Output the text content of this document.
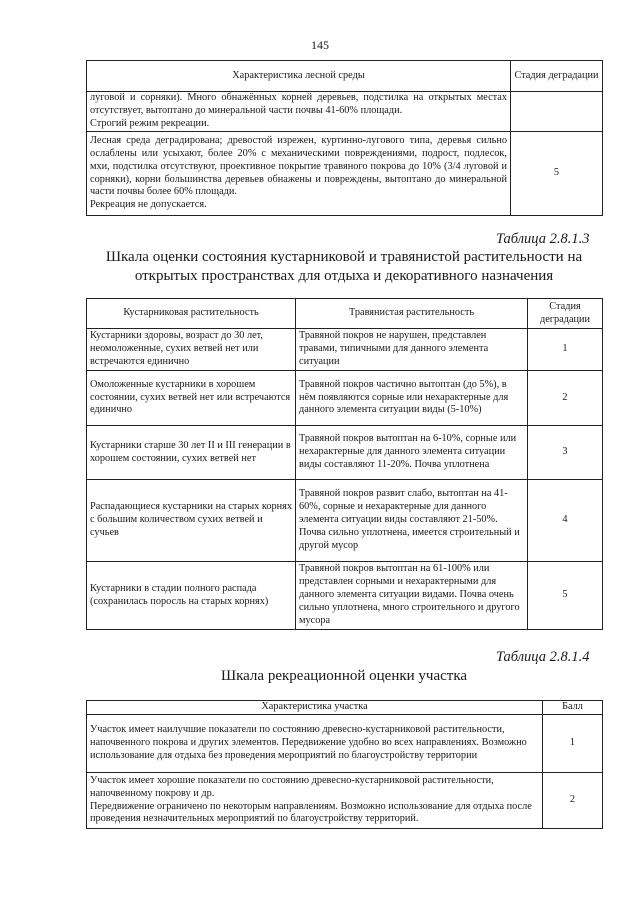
145
Характеристика лесной среды	Стадия деградации

луговой и сорняки). Много обнажённых корней деревьев, подстилка на открытых местах отсутствует, вытоптано до минеральной части почвы 41-60% площади.

Строгий режим рекреации.	

Лесная среда деградирована; древостой изрежен, куртинно-лугового типа, деревья сильно ослаблены или усыхают, более 20% с механическими повреждениями, подрост, подлесок, мхи, подстилка отсутствуют, проективное покрытие травяного покрова до 10% (3/4 луговой и сорняки), корни большинства деревьев обнажены и повреждены, вытоптано до минеральной части почвы более 60% площади.

Рекреация не допускается.	5
Таблица 2.8.1.3
Шкала оценки состояния кустарниковой и травянистой растительности на открытых пространствах для отдыха и декоративного назначения
Кустарниковая растительность	Травянистая растительность	Стадия деградации
Кустарники здоровы, возраст до 30 лет, неомоложенные, сухих ветвей нет или встречаются единично	Травяной покров не нарушен, представлен травами, типичными для данного элемента ситуации	1
Омоложенные кустарники в хорошем состоянии, сухих ветвей нет или встречаются единично	Травяной покров частично вытоптан (до 5%), в нём появляются сорные или нехарактерные для данного элемента ситуации виды (5-10%)	2
Кустарники старше 30 лет II и III генерации в хорошем состоянии, сухих ветвей нет	Травяной покров вытоптан на 6-10%, сорные или нехарактерные для данного элемента ситуации виды составляют 11-20%. Почва уплотнена	3
Распадающиеся кустарники на старых корнях с большим количеством сухих ветвей и сучьев	Травяной покров развит слабо, вытоптан на 41-60%, сорные и нехарактерные для данного элемента ситуации виды составляют 21-50%.

Почва сильно уплотнена, имеется строительный и другой мусор	4
Кустарники в стадии полного распада (сохранилась поросль на старых корнях)	Травяной покров вытоптан на 61-100% или представлен сорными и нехарактерными для данного элемента ситуации видами. Почва очень сильно уплотнена, много строительного и другого мусора	5
Таблица 2.8.1.4
Шкала рекреационной оценки участка
Характеристика участка	Балл

Участок имеет наилучшие показатели по состоянию древесно-кустарниковой растительности, напочвенного покрова и других элементов. Передвижение удобно во всех направлениях. Возможно использование для отдыха без проведения мероприятий по благоустройству территории	1

Участок имеет хорошие показатели по состоянию древесно-кустарниковой растительности, напочвенному покрову и др.

Передвижение ограничено по некоторым направлениям. Возможно использование для отдыха после проведения незначительных мероприятий по благоустройству территорий.	2
